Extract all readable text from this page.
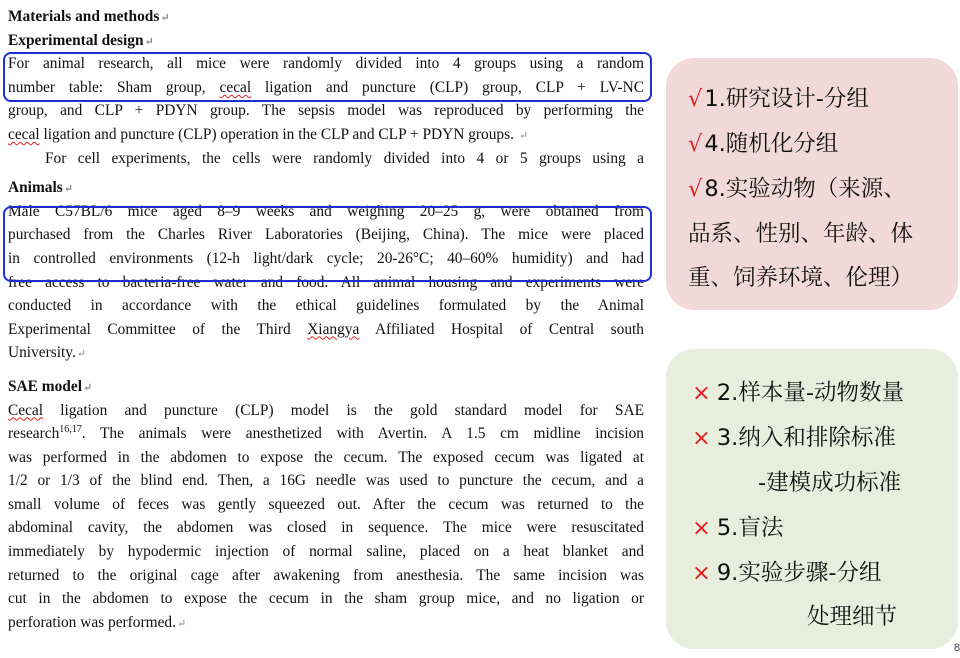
Materials and methods↵
Experimental design↵
For animal research, all mice were randomly divided into 4 groups using a random
number table: Sham group, cecal ligation and puncture (CLP) group, CLP + LV-NC
group, and CLP + PDYN group. The sepsis model was reproduced by performing the
cecal ligation and puncture (CLP) operation in the CLP and CLP + PDYN groups. ↵
For cell experiments, the cells were randomly divided into 4 or 5 groups using a
Animals↵
Male C57BL/6 mice aged 8–9 weeks and weighing 20–25 g, were obtained from
purchased from the Charles River Laboratories (Beijing, China). The mice were placed
in controlled environments (12-h light/dark cycle; 20-26°C; 40–60% humidity) and had
free access to bacteria-free water and food. All animal housing and experiments were
conducted in accordance with the ethical guidelines formulated by the Animal
Experimental Committee of the Third Xiangya Affiliated Hospital of Central south
University.↵
SAE model↵
Cecal ligation and puncture (CLP) model is the gold standard model for SAE
research$^{16,17}$. The animals were anesthetized with Avertin. A 1.5 cm midline incision
was performed in the abdomen to expose the cecum. The exposed cecum was ligated at
1/2 or 1/3 of the blind end. Then, a 16G needle was used to puncture the cecum, and a
small volume of feces was gently squeezed out. After the cecum was returned to the
abdominal cavity, the abdomen was closed in sequence. The mice were resuscitated
immediately by hypodermic injection of normal saline, placed on a heat blanket and
returned to the original cage after awakening from anesthesia. The same incision was
cut in the abdomen to expose the cecum in the sham group mice, and no ligation or
perforation was performed.↵
√1.研究设计-分组
√4.随机化分组
√8.实验动物（来源、
品系、性别、年龄、体
重、饲养环境、伦理）
× 2.样本量-动物数量
× 3.纳入和排除标准
-建模成功标准
× 5.盲法
× 9.实验步骤-分组
处理细节
8
